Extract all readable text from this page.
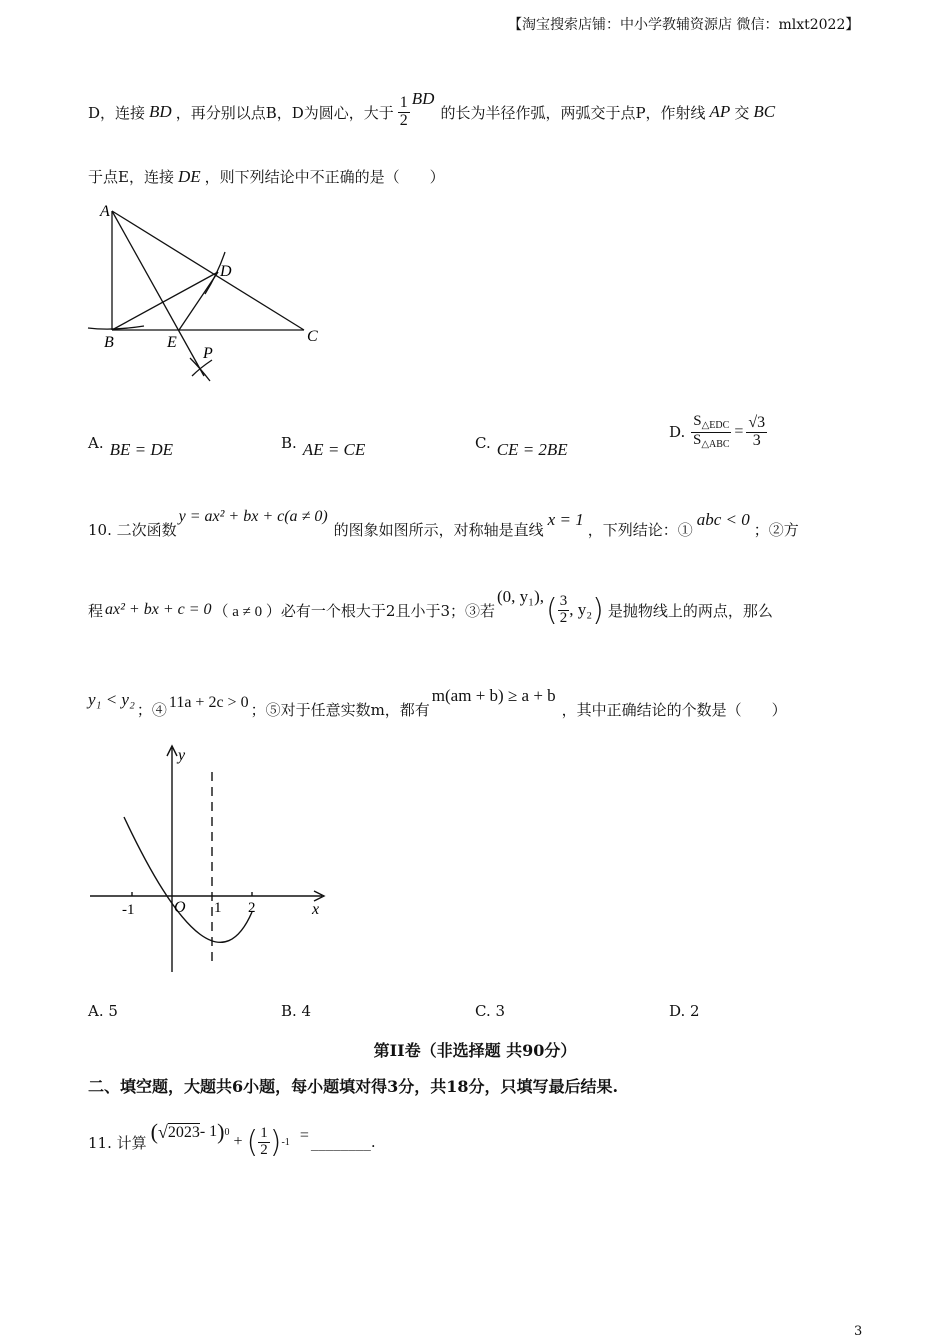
【淘宝搜索店铺：中小学教辅资源店 微信：mlxt2022】
D，连接 BD ，再分别以点B，D为圆心，大于 $\frac{1}{2}$ BD
的长为半径作弧，两弧交于点P，作射线 AP 交 BC
于点E，连接 DE ，则下列结论中不正确的是（　　）
A
B	C
D
E
P
A. BE = DE	B. AE = CE	C. CE = 2BE
D. $\frac{S_{\triangle EDC}}{S_{\triangle ABC}} = \frac{√3}{3}$
10. 二次函数
y = ax² + bx + c(a ≠ 0)
的图象如图所示，对称轴是直线
x = 1
，下列结论：①
abc < 0
；②方
程 ax² + bx + c = 0 （ a ≠ 0 ） 必有一个根大于2且小于3；③若
(0, y₁), ( $\frac{3}{2}$ , y₂ ) 是抛物线上的两点，那么
y₁ < y₂
；④ 11a + 2c > 0 ；⑤对于任意实数m，都有
m(am + b) ≥ a + b
，其中正确结论的个数是（　　）
y
x
O
-1	1 2
A. 5	B. 4	C. 3	D. 2
第II卷（非选择题 共90分）
二、填空题，大题共6小题，每小题填对得3分，共18分，只填写最后结果.
11. 计算 ( √ 2023 - 1 ) 0
+ ( $\frac{1}{2}$ ) -1 = ________.
3
